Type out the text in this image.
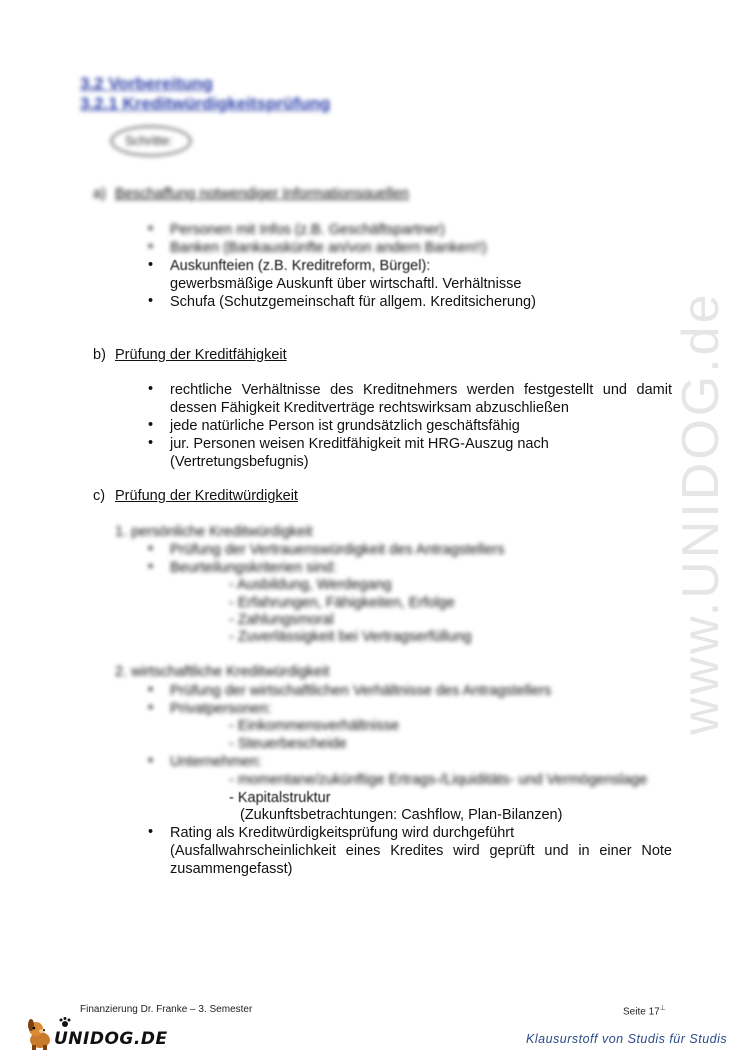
3.2 Vorbereitung
3.2.1 Kreditwürdigkeitsprüfung
Schritte:
a) Beschaffung notwendiger Informationsquellen
• Personen mit Infos (z.B. Geschäftspartner)
• Banken (Bankauskünfte an/von andern Banken!!)
• Auskunfteien (z.B. Kreditreform, Bürgel):
gewerbsmäßige Auskunft über wirtschaftl. Verhältnisse
• Schufa (Schutzgemeinschaft für allgem. Kreditsicherung)
b) Prüfung der Kreditfähigkeit
• rechtliche Verhältnisse des Kreditnehmers werden festgestellt und damit
dessen Fähigkeit Kreditverträge rechtswirksam abzuschließen
• jede natürliche Person ist grundsätzlich geschäftsfähig
• jur. Personen weisen Kreditfähigkeit mit HRG-Auszug nach
(Vertretungsbefugnis)
c) Prüfung der Kreditwürdigkeit
1. persönliche Kreditwürdigkeit
• Prüfung der Vertrauenswürdigkeit des Antragstellers
• Beurteilungskriterien sind:
- Ausbildung, Werdegang
- Erfahrungen, Fähigkeiten, Erfolge
- Zahlungsmoral
- Zuverlässigkeit bei Vertragserfüllung
2. wirtschaftliche Kreditwürdigkeit
• Prüfung der wirtschaftlichen Verhältnisse des Antragstellers
• Privatpersonen:
- Einkommensverhältnisse
- Steuerbescheide
• Unternehmen:
- momentane/zukünftige Ertrags-/Liquiditäts- und Vermögenslage
- Kapitalstruktur
(Zukunftsbetrachtungen: Cashflow, Plan-Bilanzen)
• Rating als Kreditwürdigkeitsprüfung wird durchgeführt
(Ausfallwahrscheinlichkeit eines Kredites wird geprüft und in einer Note
zusammengefasst)
www.UNIDOG.de
Finanzierung Dr. Franke – 3. Semester	Seite 17⊥
UNIDOG.DE	Klausurstoff von Studis für Studis
